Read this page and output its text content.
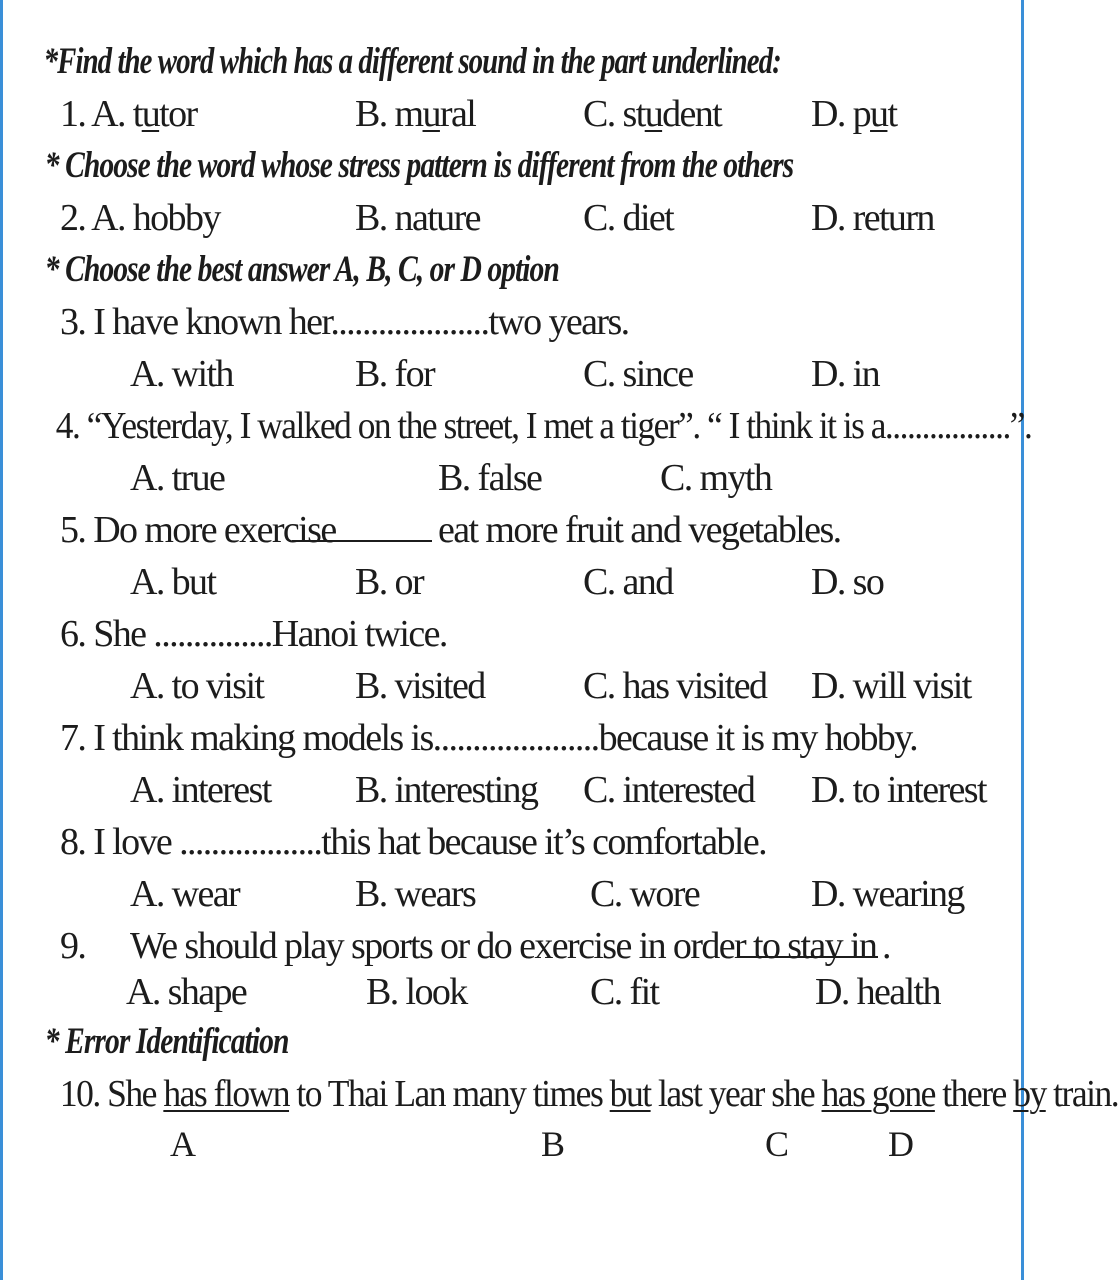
*Find the word which has a different sound in the part underlined:
1. A. tutor	B. mural	C. student D. put
* Choose the word whose stress pattern is different from the others
2. A. hobby	B. nature	C. diet	D. return
* Choose the best answer A, B, C, or D option
3. I have known her....................two years.
A. with	B. for	C. since	D. in
4. “Yesterday, I walked on the street, I met a tiger”. “ I think it is a.................”.
A. true	B. false	C. myth
5. Do more exercise	eat more fruit and vegetables.
A. but	B. or	C. and	D. so
6. She ...............Hanoi twice.
A. to visit B. visited	C. has visited D. will visit
7. I think making models is.....................because it is my hobby.
A. interest B. interesting C. interested D. to interest
8. I love ..................this hat because it’s comfortable.
A. wear	B. wears	C. wore	D. wearing
9. We should play sports or do exercise in order to stay in .
A. shape	B. look	C. fit	D. health
* Error Identification
10. She has flown to Thai Lan many times but last year she has gone there by train.
A	B	C	D
